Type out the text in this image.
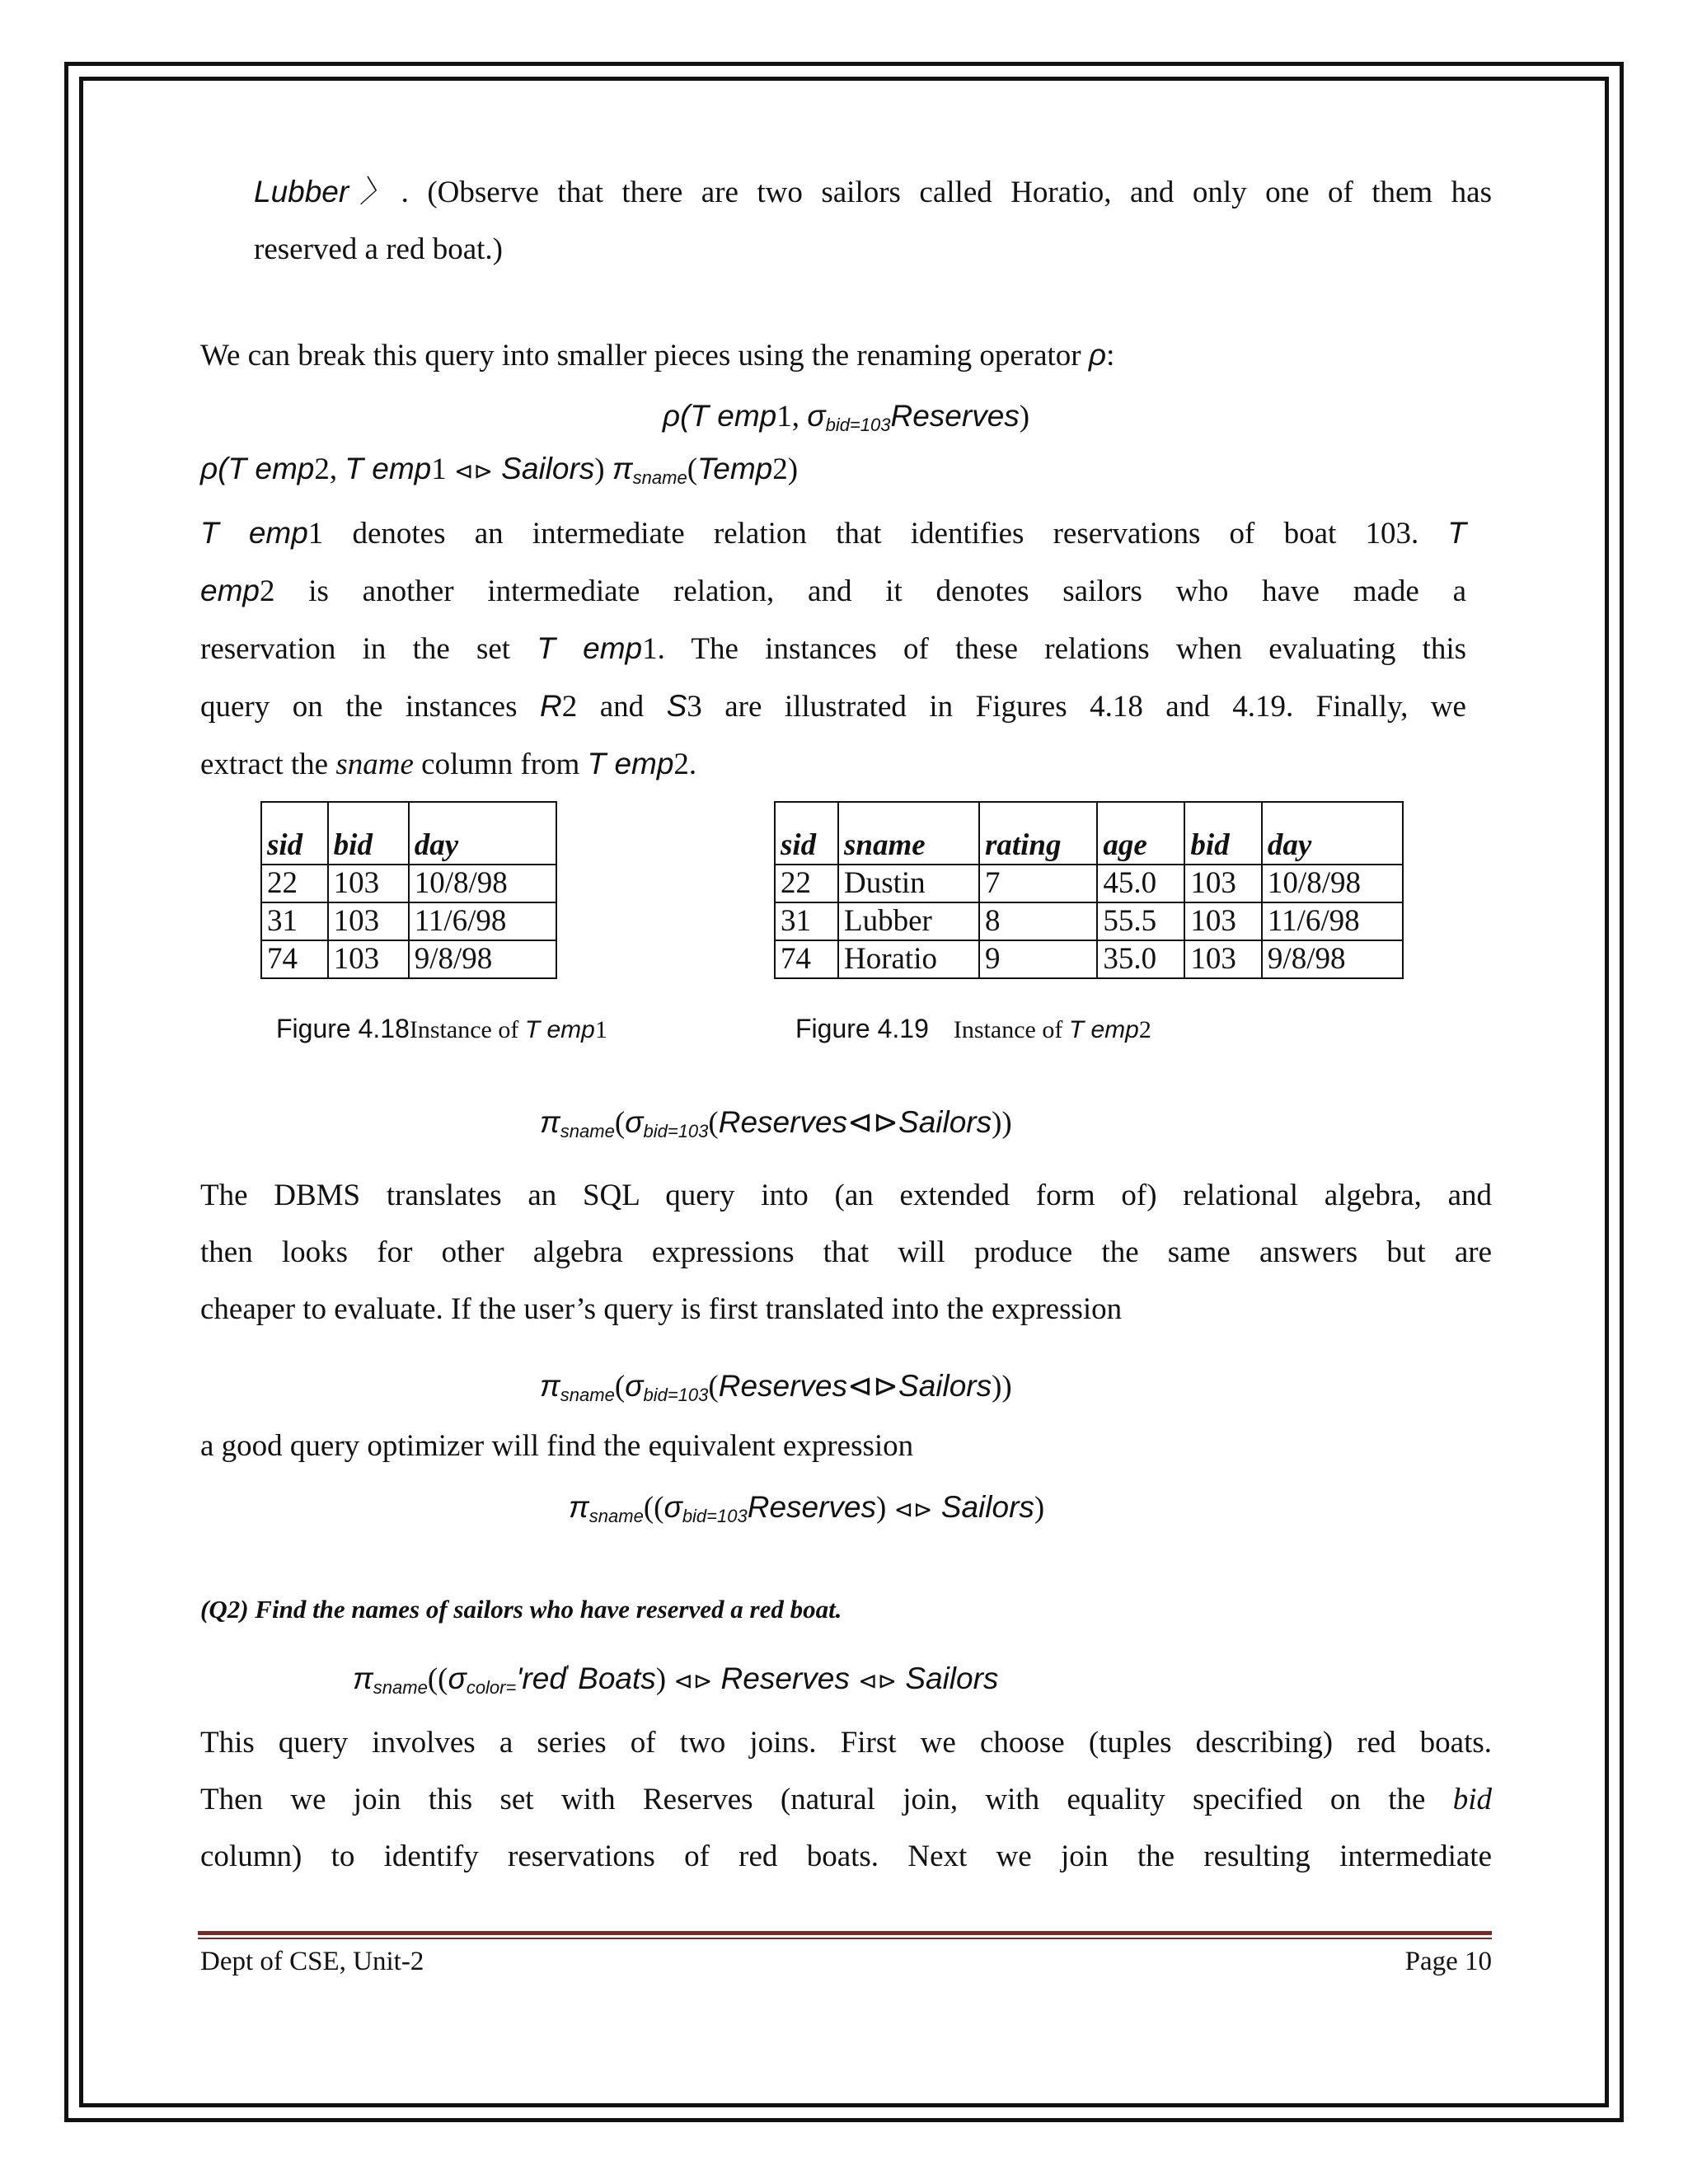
Lubber〉. (Observe that there are two sailors called Horatio, and only one of them has
reserved a red boat.)
We can break this query into smaller pieces using the renaming operator ρ:
ρ(T emp1, $\sigma_{bid=103}Reserves$)
ρ(T emp2, T emp1 ⊲⊳ Sailors) $\pi_{sname}(Temp2)$
T emp1 denotes an intermediate relation that identifies reservations of boat 103. T
emp2 is another intermediate relation, and it denotes sailors who have made a
reservation in the set T emp1. The instances of these relations when evaluating this
query on the instances R2 and S3 are illustrated in Figures 4.18 and 4.19. Finally, we
extract the sname column from T emp2.
sid	bid	day
22	103	10/8/98
31	103	11/6/98
74	103	9/8/98
sid	sname	rating	age	bid	day
22	Dustin	7	45.0	103	10/8/98
31	Lubber	8	55.5	103	11/6/98
74	Horatio	9	35.0	103	9/8/98
Figure 4.18Instance of T emp1	Figure 4.19 Instance of T emp2
$\pi_{sname}(\sigma_{bid=103}(Reserves⊲⊳Sailors))$
The DBMS translates an SQL query into (an extended form of) relational algebra, and
then looks for other algebra expressions that will produce the same answers but are
cheaper to evaluate. If the user’s query is first translated into the expression
$\pi_{sname}(\sigma_{bid=103}(Reserves⊲⊳Sailors))$
a good query optimizer will find the equivalent expression
$\pi_{sname}((\sigma_{bid=103}Reserves)$ ⊲⊳ Sailors)
(Q2) Find the names of sailors who have reserved a red boat.
$\pi_{sname}((\sigma_{color=}'red'$ Boats) ⊲⊳ Reserves ⊲⊳ Sailors
This query involves a series of two joins. First we choose (tuples describing) red boats.
Then we join this set with Reserves (natural join, with equality specified on the bid
column) to identify reservations of red boats. Next we join the resulting intermediate
Dept of CSE, Unit-2	Page 10
